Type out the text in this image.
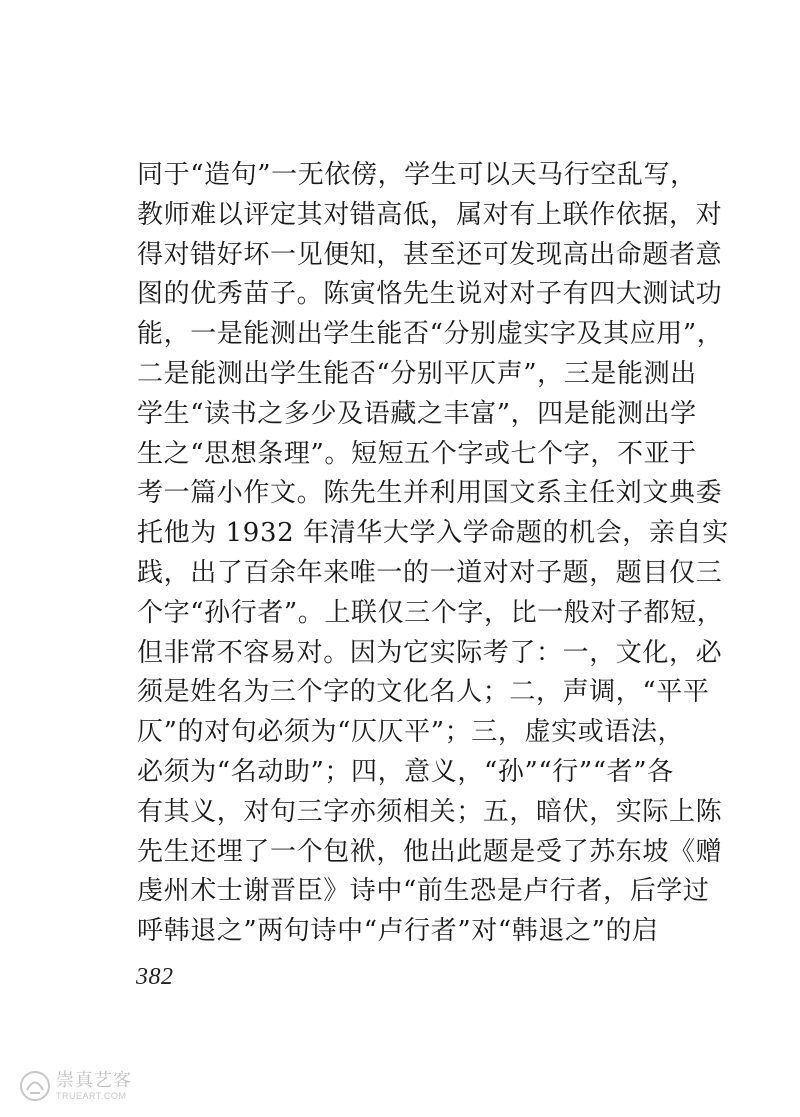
同于“造句”一无依傍，学生可以天马行空乱写，
教师难以评定其对错高低，属对有上联作依据，对
得对错好坏一见便知，甚至还可发现高出命题者意
图的优秀苗子。陈寅恪先生说对对子有四大测试功
能，一是能测出学生能否“分别虚实字及其应用”，
二是能测出学生能否“分别平仄声”，三是能测出
学生“读书之多少及语藏之丰富”，四是能测出学
生之“思想条理”。短短五个字或七个字，不亚于
考一篇小作文。陈先生并利用国文系主任刘文典委
托他为 1932 年清华大学入学命题的机会，亲自实
践，出了百余年来唯一的一道对对子题，题目仅三
个字“孙行者”。上联仅三个字，比一般对子都短，
但非常不容易对。因为它实际考了：一，文化，必
须是姓名为三个字的文化名人；二，声调，“平平
仄”的对句必须为“仄仄平”；三，虚实或语法，
必须为“名动助”；四，意义，“孙”“行”“者”各
有其义，对句三字亦须相关；五，暗伏，实际上陈
先生还埋了一个包袱，他出此题是受了苏东坡《赠
虔州术士谢晋臣》诗中“前生恐是卢行者，后学过
呼韩退之”两句诗中“卢行者”对“韩退之”的启
382
崇真艺客
TRUEART.COM
